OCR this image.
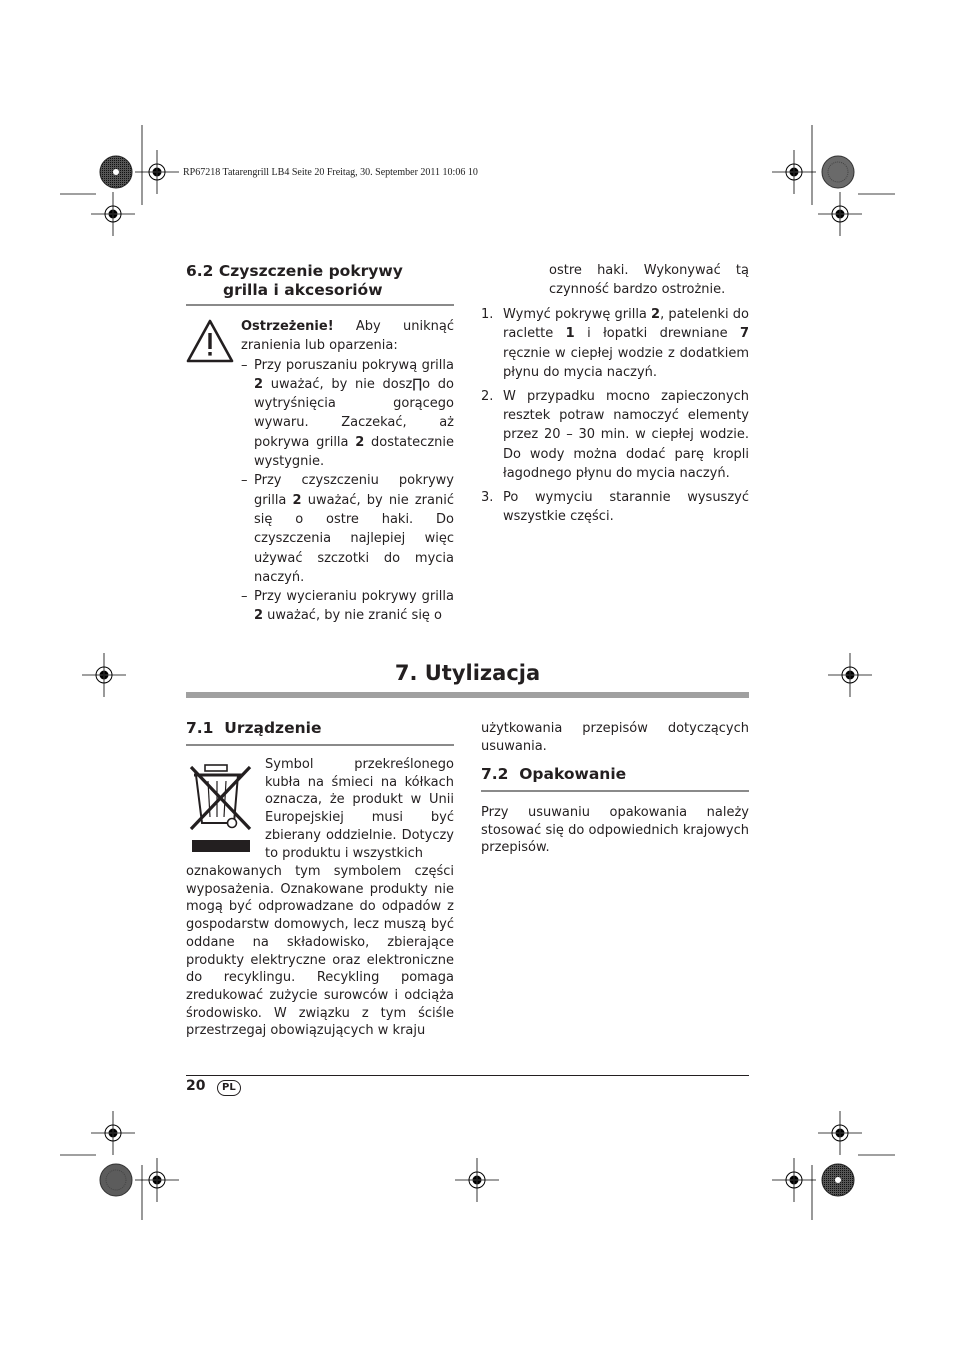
RP67218 Tatarengrill LB4 Seite 20 Freitag, 30. September 2011 10:06 10
6.2 Czyszczenie pokrywy
grilla i akcesoriów
Ostrzeżenie! Aby uniknąć zranienia lub oparzenia:
– Przy poruszaniu pokrywą grilla 2 uważać, by nie dosz∏o do wytryśnięcia gorącego wywaru. Zaczekać, aż pokrywa grilla 2 dostatecznie wystygnie.
– Przy czyszczeniu pokrywy grilla 2 uważać, by nie zranić się o ostre haki. Do czyszczenia najlepiej więc używać szczotki do mycia naczyń.
– Przy wycieraniu pokrywy grilla 2 uważać, by nie zranić się o
ostre haki. Wykonywać tą czynność bardzo ostrożnie.
1. Wymyć pokrywę grilla 2, patelenki do raclette 1 i łopatki drewniane 7 ręcznie w ciepłej wodzie z dodatkiem płynu do mycia naczyń.
2. W przypadku mocno zapieczonych resztek potraw namoczyć elementy przez 20 – 30 min. w ciepłej wodzie. Do wody można dodać parę kropli łagodnego płynu do mycia naczyń.
3. Po wymyciu starannie wysuszyć wszystkie części.
7. Utylizacja
7.1  Urządzenie
Symbol przekreślonego kubła na śmieci na kółkach oznacza, że produkt w Unii Europejskiej musi być zbierany oddzielnie. Dotyczy to produktu i wszystkich
oznakowanych tym symbolem części wyposażenia. Oznakowane produkty nie mogą być odprowadzane do odpadów z gospodarstw domowych, lecz muszą być oddane na składowisko, zbierające produkty elektryczne oraz elektroniczne do recyklingu. Recykling pomaga zredukować zużycie surowców i odciąża środowisko. W związku z tym ściśle przestrzegaj obowiązujących w kraju
użytkowania przepisów dotyczących usuwania.
7.2  Opakowanie
Przy usuwaniu opakowania należy stosować się do odpowiednich krajowych przepisów.
20	PL
